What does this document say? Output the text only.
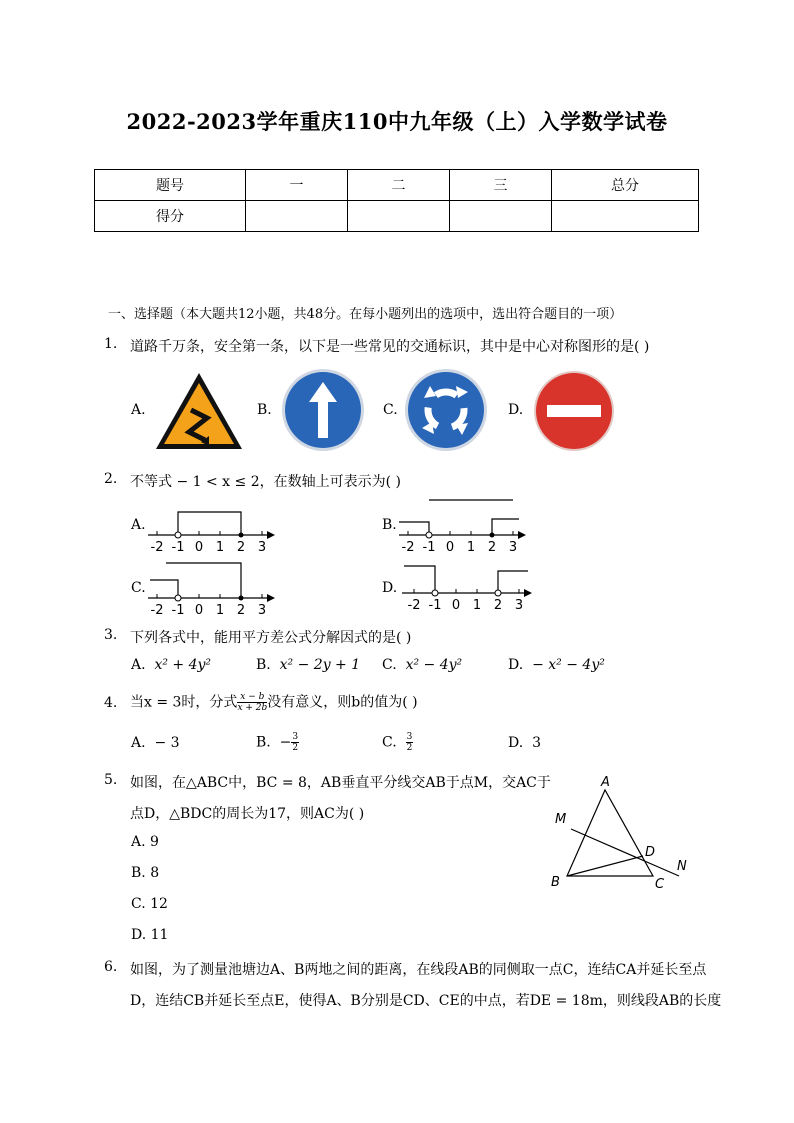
2022-2023学年重庆110中九年级（上）入学数学试卷
题号	一	二	三	总分
得分				
一、选择题（本大题共12小题，共48分。在每小题列出的选项中，选出符合题目的一项）
1. 道路千万条，安全第一条，以下是一些常见的交通标识，其中是中心对称图形的是( )
A.	B.	C.	D.
2. 不等式 − 1 < x ≤ 2，在数轴上可表示为( )
A.	B.
C.	D.
-2 -1 0 1 2 3	-2 -1 0 1 2 3
-2 -1 0 1 2 3	-2 -1 0 1 2 3
3. 下列各式中，能用平方差公式分解因式的是( )
A. x² + 4y²	B. x² − 2y + 1 C. x² − 4y²	D. − x² − 4y²
4. 当x = 3时，分式 $\frac{x - b}{x + 2b}$ 没有意义，则b的值为( )
A. − 3	B. − $\frac{3}{2}$	C. $\frac{3}{2}$	D. 3
5. 如图，在△ABC中，BC = 8，AB垂直平分线交AB于点M，交AC于
点D，△BDC的周长为17，则AC为( )
A. 9
B. 8
C. 12
D. 11
A
B	C
D
M
N
6. 如图，为了测量池塘边A、B两地之间的距离，在线段AB的同侧取一点C，连结CA并延长至点
D，连结CB并延长至点E，使得A、B分别是CD、CE的中点，若DE = 18m，则线段AB的长度
